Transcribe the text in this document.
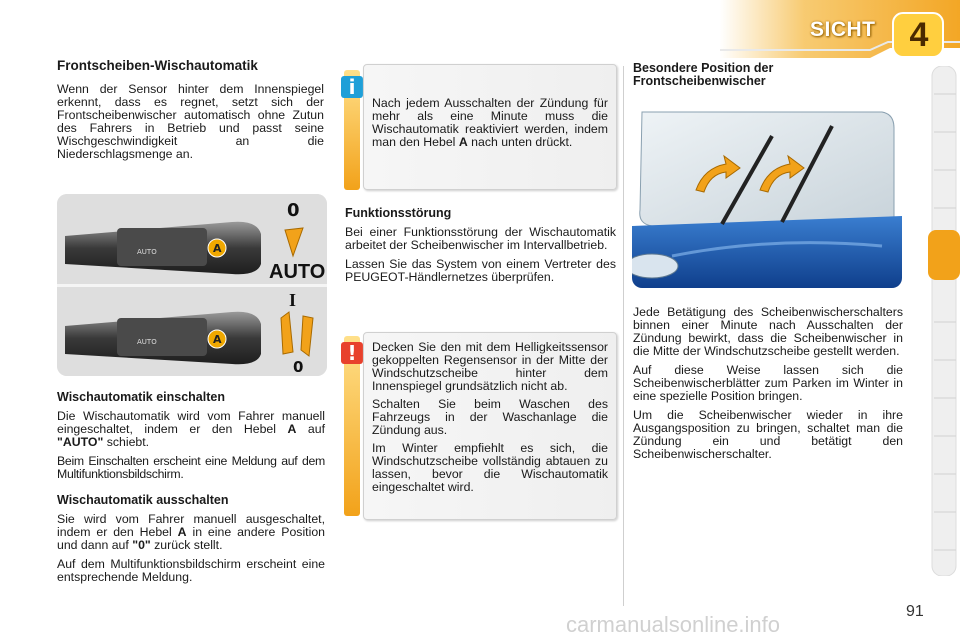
SICHT	4
Frontscheiben-Wischautomatik

Wenn der Sensor hinter dem Innenspiegel erkennt, dass es regnet, setzt sich der Frontscheibenwischer automatisch ohne Zutun des Fahrers in Betrieb und passt seine Wischgeschwindigkeit an die Niederschlagsmenge an.

AUTO	A
AUTO	A
0
AUTO
I
0
Wischautomatik einschalten

Die Wischautomatik wird vom Fahrer manuell eingeschaltet, indem er den Hebel A auf "AUTO" schiebt.

Beim Einschalten erscheint eine Meldung auf dem Multifunktionsbildschirm.

Wischautomatik ausschalten

Sie wird vom Fahrer manuell ausgeschaltet, indem er den Hebel A in eine andere Position und dann auf "0" zurück stellt.

Auf dem Multifunktionsbildschirm erscheint eine entsprechende Meldung.

i

Nach jedem Ausschalten der Zündung für mehr als eine Minute muss die Wischautomatik reaktiviert werden, indem man den Hebel A nach unten drückt.

Funktionsstörung

Bei einer Funktionsstörung der Wischautomatik arbeitet der Scheibenwischer im Intervallbetrieb.

Lassen Sie das System von einem Vertreter des PEUGEOT-Händlernetzes überprüfen.

!	Decken Sie den mit dem Helligkeitssensor gekoppelten Regensensor in der Mitte der Windschutzscheibe hinter dem Innenspiegel grundsätzlich nicht ab.

Schalten Sie beim Waschen des Fahrzeugs in der Waschanlage die Zündung aus.

Im Winter empfiehlt es sich, die Windschutzscheibe vollständig abtauen zu lassen, bevor die Wischautomatik eingeschaltet wird.

Besondere Position der Frontscheibenwischer

Jede Betätigung des Scheibenwischerschalters binnen einer Minute nach Ausschalten der Zündung bewirkt, dass die Scheibenwischer in die Mitte der Windschutzscheibe gestellt werden.

Auf diese Weise lassen sich die Scheibenwischerblätter zum Parken im Winter in eine spezielle Position bringen.

Um die Scheibenwischer wieder in ihre Ausgangsposition zu bringen, schaltet man die Zündung ein und betätigt den Scheibenwischerschalter.

carmanualsonline.info
91
